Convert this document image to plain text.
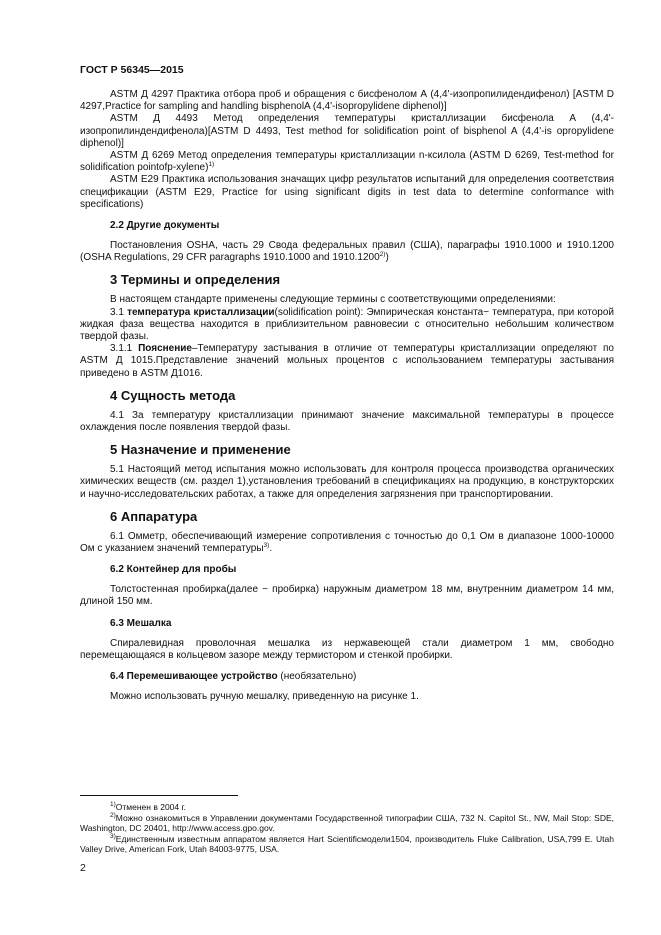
ГОСТ Р 56345—2015

ASTM Д 4297 Практика отбора проб и обращения с бисфенолом А (4,4'-изопропилидендифенол) [ASTM D 4297,Practice for sampling and handling bisphenolA (4,4'-isopropylidene diphenol)]

ASTM Д 4493 Метод определения температуры кристаллизации бисфенола А (4,4'-изопропилиндендифенола)[ASTM D 4493, Test method for solidification point of bisphenol A (4,4'-is opropylidene diphenol)]

ASTM Д 6269 Метод определения температуры кристаллизации n-ксилола (ASTM D 6269, Test-method for solidification pointofp-xylene)$^{1)}$

ASTM E29 Практика использования значащих цифр результатов испытаний для определения соответствия спецификации (ASTM E29, Practice for using significant digits in test data to determine conformance with specifications)

2.2 Другие документы

Постановления OSHA, часть 29 Свода федеральных правил (США), параграфы 1910.1000 и 1910.1200 (OSHA Regulations, 29 CFR paragraphs 1910.1000 and 1910.1200$^{2)}$)

3 Термины и определения

В настоящем стандарте применены следующие термины с соответствующими определениями:

3.1 температура кристаллизации(solidification point): Эмпирическая константа− температура, при которой жидкая фаза вещества находится в приблизительном равновесии с относительно небольшим количеством твердой фазы.

3.1.1 Пояснение–Температуру застывания в отличие от температуры кристаллизации определяют по ASTM Д 1015.Представление значений мольных процентов с использованием температуры застывания приведено в ASTM Д1016.

4 Сущность метода

4.1 За температуру кристаллизации принимают значение максимальной температуры в процессе охлаждения после появления твердой фазы.

5 Назначение и применение

5.1 Настоящий метод испытания можно использовать для контроля процесса производства органических химических веществ (см. раздел 1),установления требований в спецификациях на продукцию, в конструкторских и научно-исследовательских работах, а также для определения загрязнения при транспортировании.

6 Аппаратура

6.1 Омметр, обеспечивающий измерение сопротивления с точностью до 0,1 Ом в диапазоне 1000-10000 Ом с указанием значений температуры$^{3)}$.

6.2 Контейнер для пробы

Толстостенная пробирка(далее − пробирка) наружным диаметром 18 мм, внутренним диаметром 14 мм, длиной 150 мм.

6.3 Мешалка

Спиралевидная проволочная мешалка из нержавеющей стали диаметром 1 мм, свободно перемещающаяся в кольцевом зазоре между термистором и стенкой пробирки.

6.4 Перемешивающее устройство (необязательно)

Можно использовать ручную мешалку, приведенную на рисунке 1.

$^{1)}$Отменен в 2004 г.
$^{2)}$Можно ознакомиться в Управлении документами Государственной типографии США, 732 N. Capitol St., NW, Mail Stop: SDE, Washington, DC 20401, http://www.access.gpo.gov.
$^{3)}$Единственным известным аппаратом является Hart Scientificмодели1504, производитель Fluke Calibration, USA,799 E. Utah Valley Drive, American Fork, Utah 84003-9775, USA.
2
